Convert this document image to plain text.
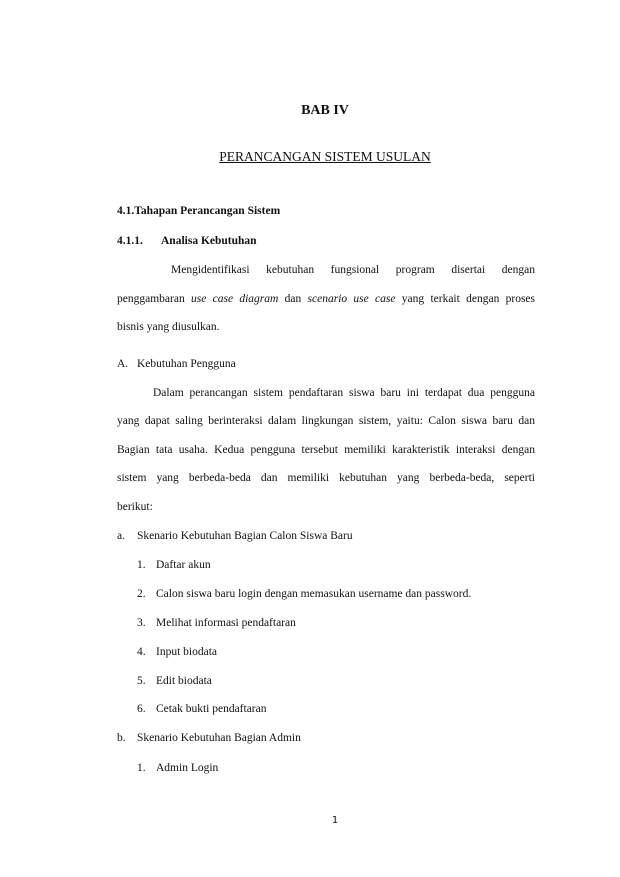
BAB IV
PERANCANGAN SISTEM USULAN
4.1.Tahapan Perancangan Sistem
4.1.1. Analisa Kebutuhan
Mengidentifikasi kebutuhan fungsional program disertai dengan
penggambaran use case diagram dan scenario use case yang terkait dengan proses
bisnis yang diusulkan.
A. Kebutuhan Pengguna
Dalam perancangan sistem pendaftaran siswa baru ini terdapat dua pengguna
yang dapat saling berinteraksi dalam lingkungan sistem, yaitu: Calon siswa baru dan
Bagian tata usaha. Kedua pengguna tersebut memiliki karakteristik interaksi dengan
sistem yang berbeda-beda dan memiliki kebutuhan yang berbeda-beda, seperti
berikut:
a. Skenario Kebutuhan Bagian Calon Siswa Baru
1. Daftar akun
2. Calon siswa baru login dengan memasukan username dan password.
3. Melihat informasi pendaftaran
4. Input biodata
5. Edit biodata
6. Cetak bukti pendaftaran
b. Skenario Kebutuhan Bagian Admin
1. Admin Login
1
